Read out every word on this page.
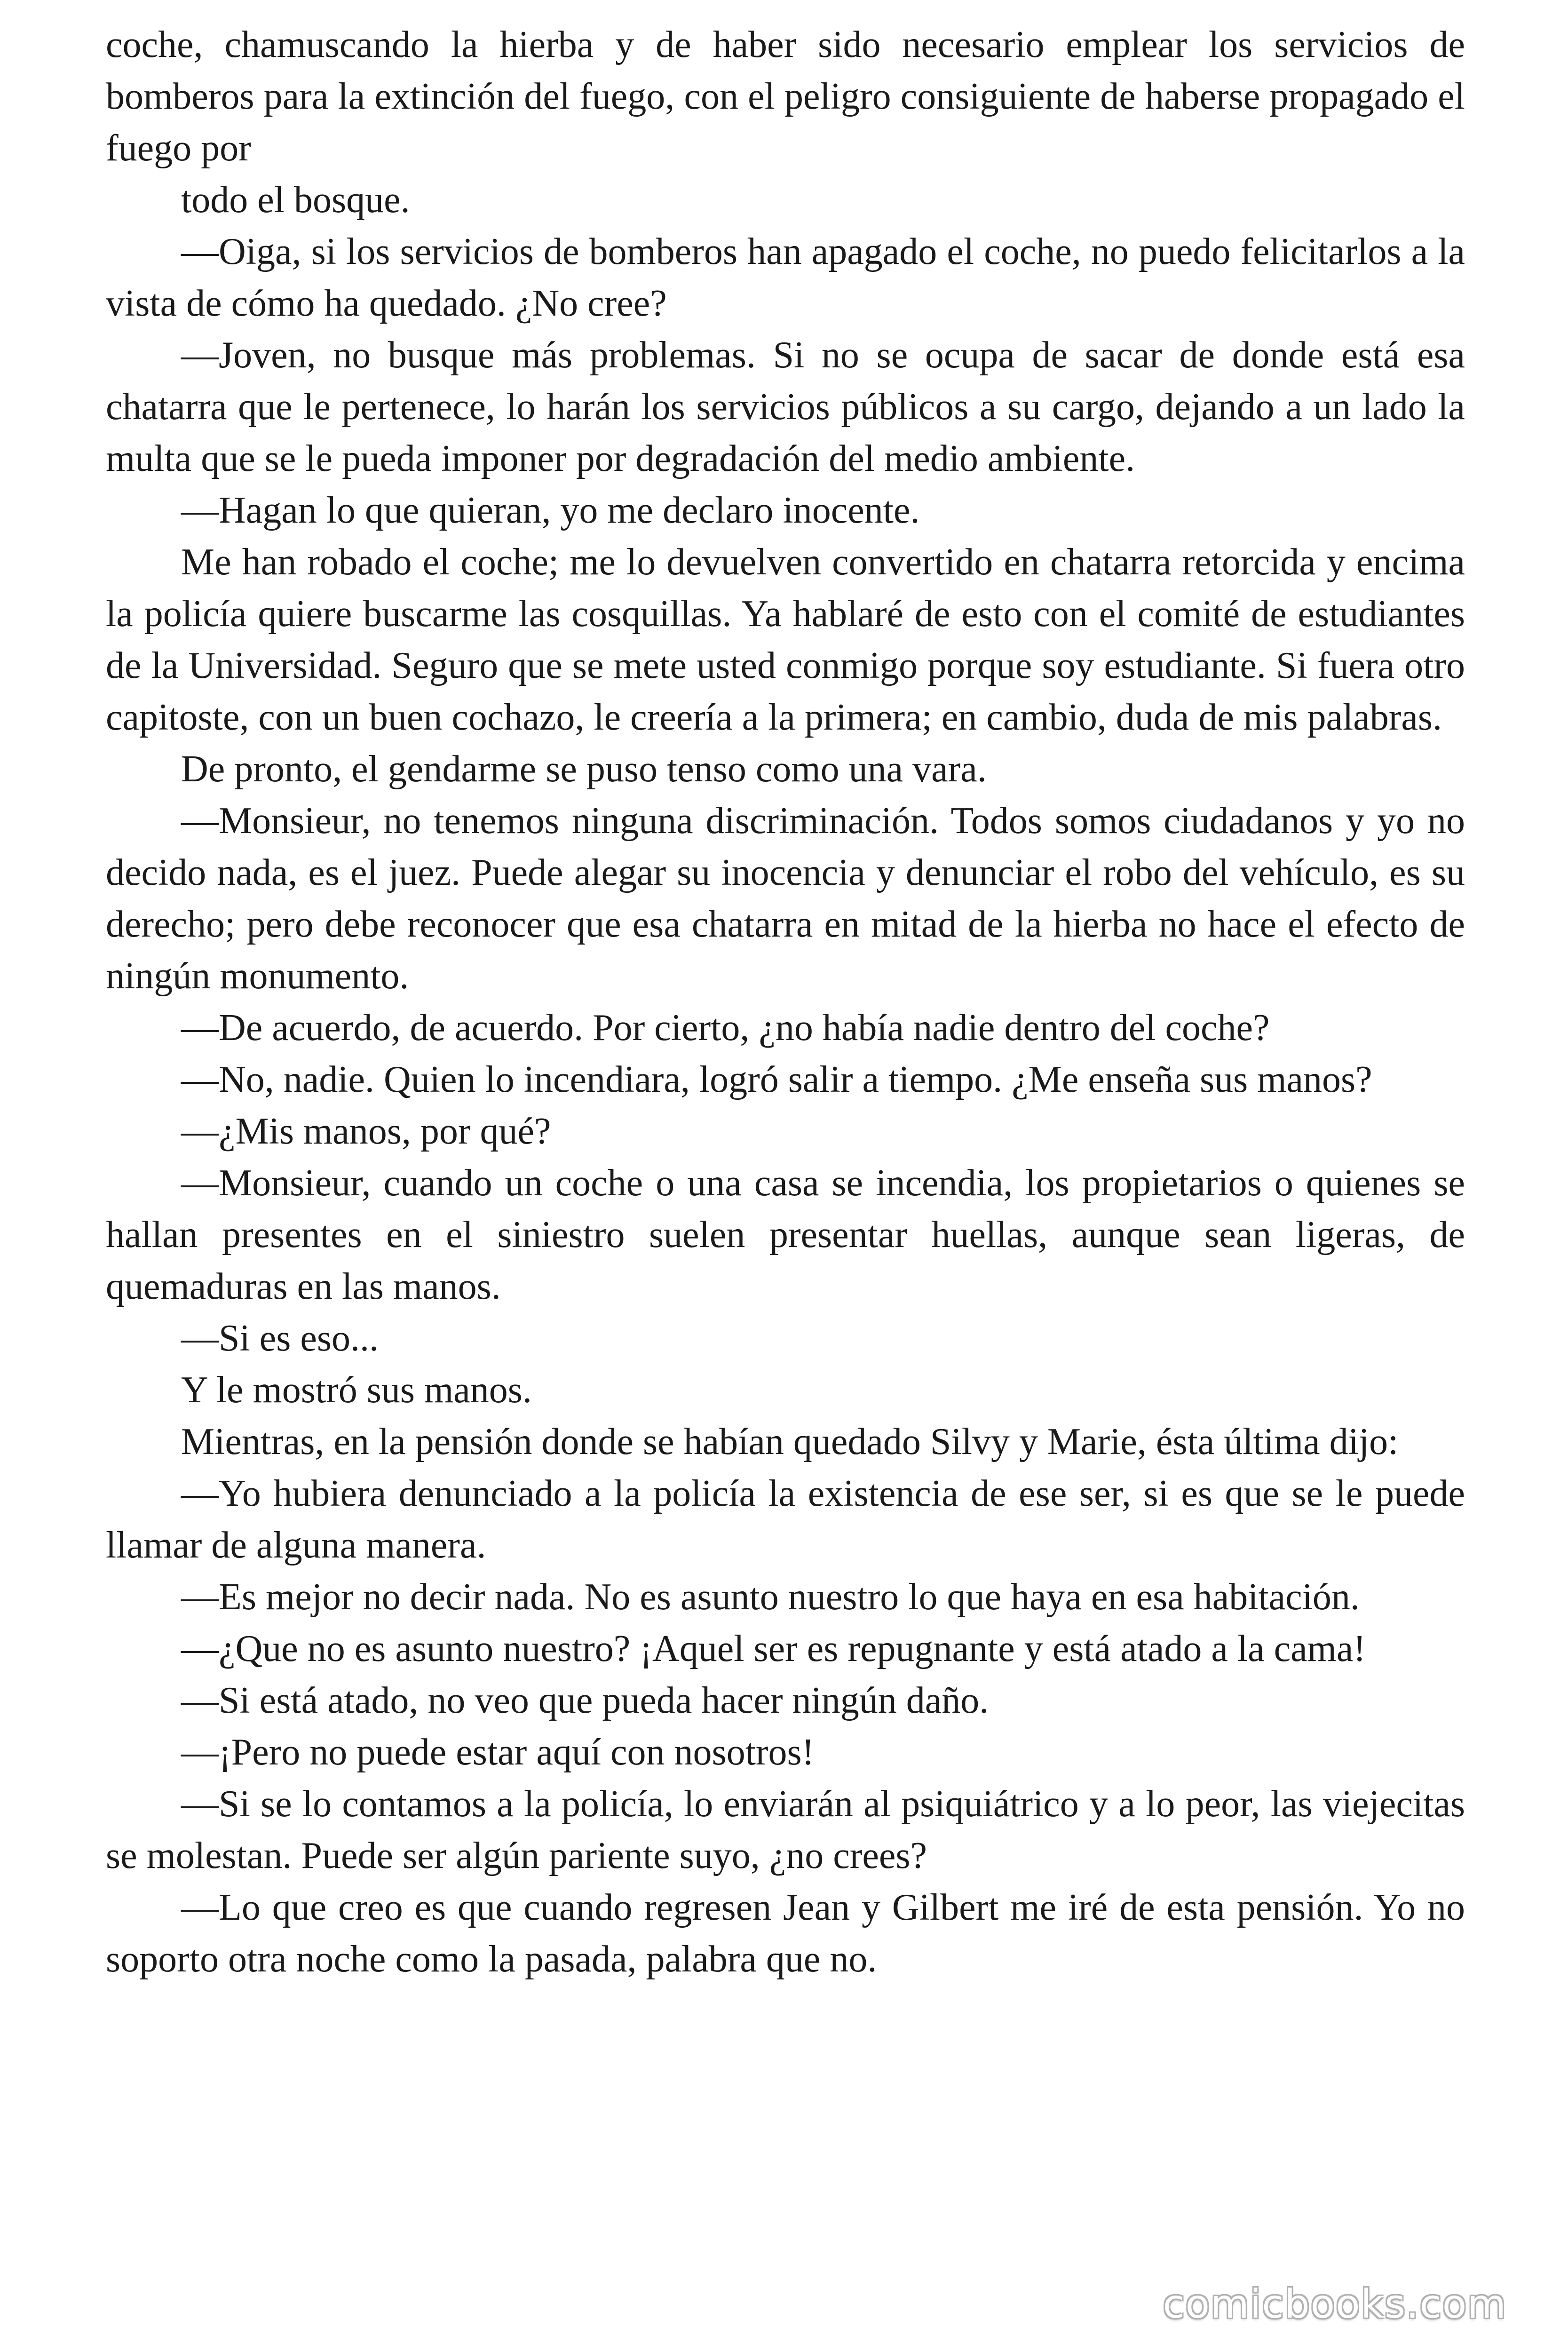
coche, chamuscando la hierba y de haber sido necesario emplear los servicios de bomberos para la extinción del fuego, con el peligro consiguiente de haberse propagado el fuego por

todo el bosque.

—Oiga, si los servicios de bomberos han apagado el coche, no puedo felicitarlos a la vista de cómo ha quedado. ¿No cree?

—Joven, no busque más problemas. Si no se ocupa de sacar de donde está esa chatarra que le pertenece, lo harán los servicios públicos a su cargo, dejando a un lado la multa que se le pueda imponer por degradación del medio ambiente.

—Hagan lo que quieran, yo me declaro inocente.

Me han robado el coche; me lo devuelven convertido en chatarra retorcida y encima la policía quiere buscarme las cosquillas. Ya hablaré de esto con el comité de estudiantes de la Universidad. Seguro que se mete usted conmigo porque soy estudiante. Si fuera otro capitoste, con un buen cochazo, le creería a la primera; en cambio, duda de mis palabras.

De pronto, el gendarme se puso tenso como una vara.

—Monsieur, no tenemos ninguna discriminación. Todos somos ciudadanos y yo no decido nada, es el juez. Puede alegar su inocencia y denunciar el robo del vehículo, es su derecho; pero debe reconocer que esa chatarra en mitad de la hierba no hace el efecto de ningún monumento.

—De acuerdo, de acuerdo. Por cierto, ¿no había nadie dentro del coche?

—No, nadie. Quien lo incendiara, logró salir a tiempo. ¿Me enseña sus manos?

—¿Mis manos, por qué?

—Monsieur, cuando un coche o una casa se incendia, los propietarios o quienes se hallan presentes en el siniestro suelen presentar huellas, aunque sean ligeras, de quemaduras en las manos.

—Si es eso...

Y le mostró sus manos.

Mientras, en la pensión donde se habían quedado Silvy y Marie, ésta última dijo:

—Yo hubiera denunciado a la policía la existencia de ese ser, si es que se le puede llamar de alguna manera.

—Es mejor no decir nada. No es asunto nuestro lo que haya en esa habitación.

—¿Que no es asunto nuestro? ¡Aquel ser es repugnante y está atado a la cama!

—Si está atado, no veo que pueda hacer ningún daño.

—¡Pero no puede estar aquí con nosotros!

—Si se lo contamos a la policía, lo enviarán al psiquiátrico y a lo peor, las viejecitas se molestan. Puede ser algún pariente suyo, ¿no crees?

—Lo que creo es que cuando regresen Jean y Gilbert me iré de esta pensión. Yo no soporto otra noche como la pasada, palabra que no.

comicbooks.com
